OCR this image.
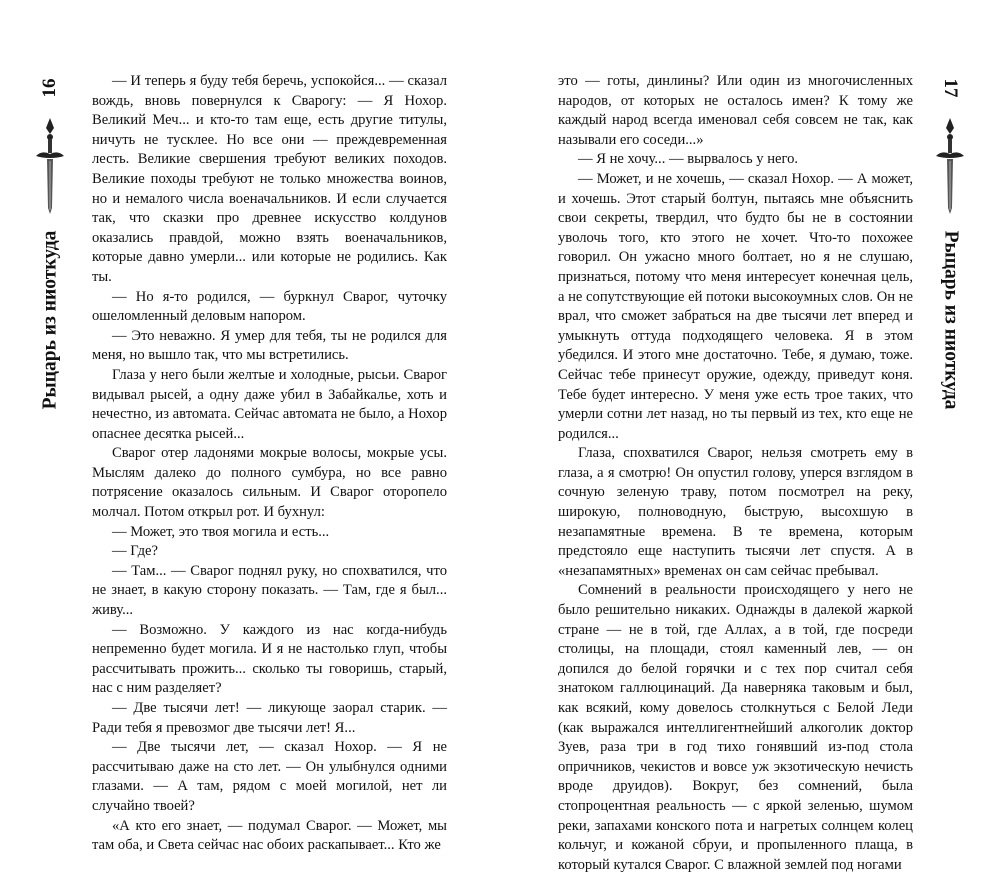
16
Рыцарь из ниоткуда

— И теперь я буду тебя беречь, успокойся... — сказал вождь, вновь повернулся к Сварогу: — Я Нохор. Великий Меч... и кто-то там еще, есть другие титулы, ничуть не тусклее. Но все они — преждевременная лесть. Великие свершения требуют великих походов. Великие походы требуют не только множества воинов, но и немалого числа военачальников. И если случается так, что сказки про древнее искусство колдунов оказались правдой, можно взять военачальников, которые давно умерли... или которые не родились. Как ты.

— Но я-то родился, — буркнул Сварог, чуточку ошеломленный деловым напором.

— Это неважно. Я умер для тебя, ты не родился для меня, но вышло так, что мы встретились.

Глаза у него были желтые и холодные, рысьи. Сварог видывал рысей, а одну даже убил в Забайкалье, хоть и нечестно, из автомата. Сейчас автомата не было, а Нохор опаснее десятка рысей...

Сварог отер ладонями мокрые волосы, мокрые усы. Мыслям далеко до полного сумбура, но все равно потрясение оказалось сильным. И Сварог оторопело молчал. Потом открыл рот. И бухнул:

— Может, это твоя могила и есть...

— Где?

— Там... — Сварог поднял руку, но спохватился, что не знает, в какую сторону показать. — Там, где я был... живу...

— Возможно. У каждого из нас когда-нибудь непременно будет могила. И я не настолько глуп, чтобы рассчитывать прожить... сколько ты говоришь, старый, нас с ним разделяет?

— Две тысячи лет! — ликующе заорал старик. — Ради тебя я превозмог две тысячи лет! Я...

— Две тысячи лет, — сказал Нохор. — Я не рассчитываю дажe на сто лет. — Он улыбнулся одними глазами. — А там, рядом с моей могилой, нет ли случайно твоей?

«А кто его знает, — подумал Сварог. — Может, мы там оба, и Света сейчас нас обоих раскапывает... Кто же

это — готы, динлины? Или один из многочисленных народов, от которых не осталось имен? К тому же каждый народ всегда именовал себя совсем не так, как называли его соседи...»

— Я не хочу... — вырвалось у него.

— Может, и не хочешь, — сказал Нохор. — А может, и хочешь. Этот старый болтун, пытаясь мне объяснить свои секреты, твердил, что будто бы не в состоянии уволочь того, кто этого не хочет. Что-то похожее говорил. Он ужасно много болтает, но я не слушаю, признаться, потому что меня интересует конечная цель, а не сопутствующие ей потоки высокоумных слов. Он не врал, что сможет забраться на две тысячи лет вперед и умыкнуть оттуда подходящего человека. Я в этом убедился. И этого мне достаточно. Тебе, я думаю, тоже. Сейчас тебе принесут оружие, одежду, приведут коня. Тебе будет интересно. У меня уже есть трое таких, что умерли сотни лет назад, но ты первый из тех, кто еще не родился...

Глаза, спохватился Сварог, нельзя смотреть ему в глаза, а я смотрю! Он опустил голову, уперся взглядом в сочную зеленую траву, потом посмотрел на реку, широкую, полноводную, быструю, высохшую в незапамятные времена. В те времена, которым предстояло еще наступить тысячи лет спустя. А в «незапамятных» временах он сам сейчас пребывал.

Сомнений в реальности происходящего у него не было решительно никаких. Однажды в далекой жаркой стране — не в той, где Аллах, а в той, где посреди столицы, на площади, стоял каменный лев, — он допился до белой горячки и с тех пор считал себя знатоком галлюцинаций. Да наверняка таковым и был, как всякий, кому довелось столкнуться с Белой Леди (как выражался интеллигентнейший алкоголик доктор Зуев, раза три в год тихо гонявший из-под стола опричников, чекистов и вовсе уж экзотическую нечисть вроде друидов). Вокруг, без сомнений, была стопроцентная реальность — с яркой зеленью, шумом реки, запахами конского пота и нагретых солнцем колец кольчуг, и кожаной сбруи, и пропыленного плаща, в который кутался Сварог. С влажной землей под ногами

17
Рыцарь из ниоткуда
